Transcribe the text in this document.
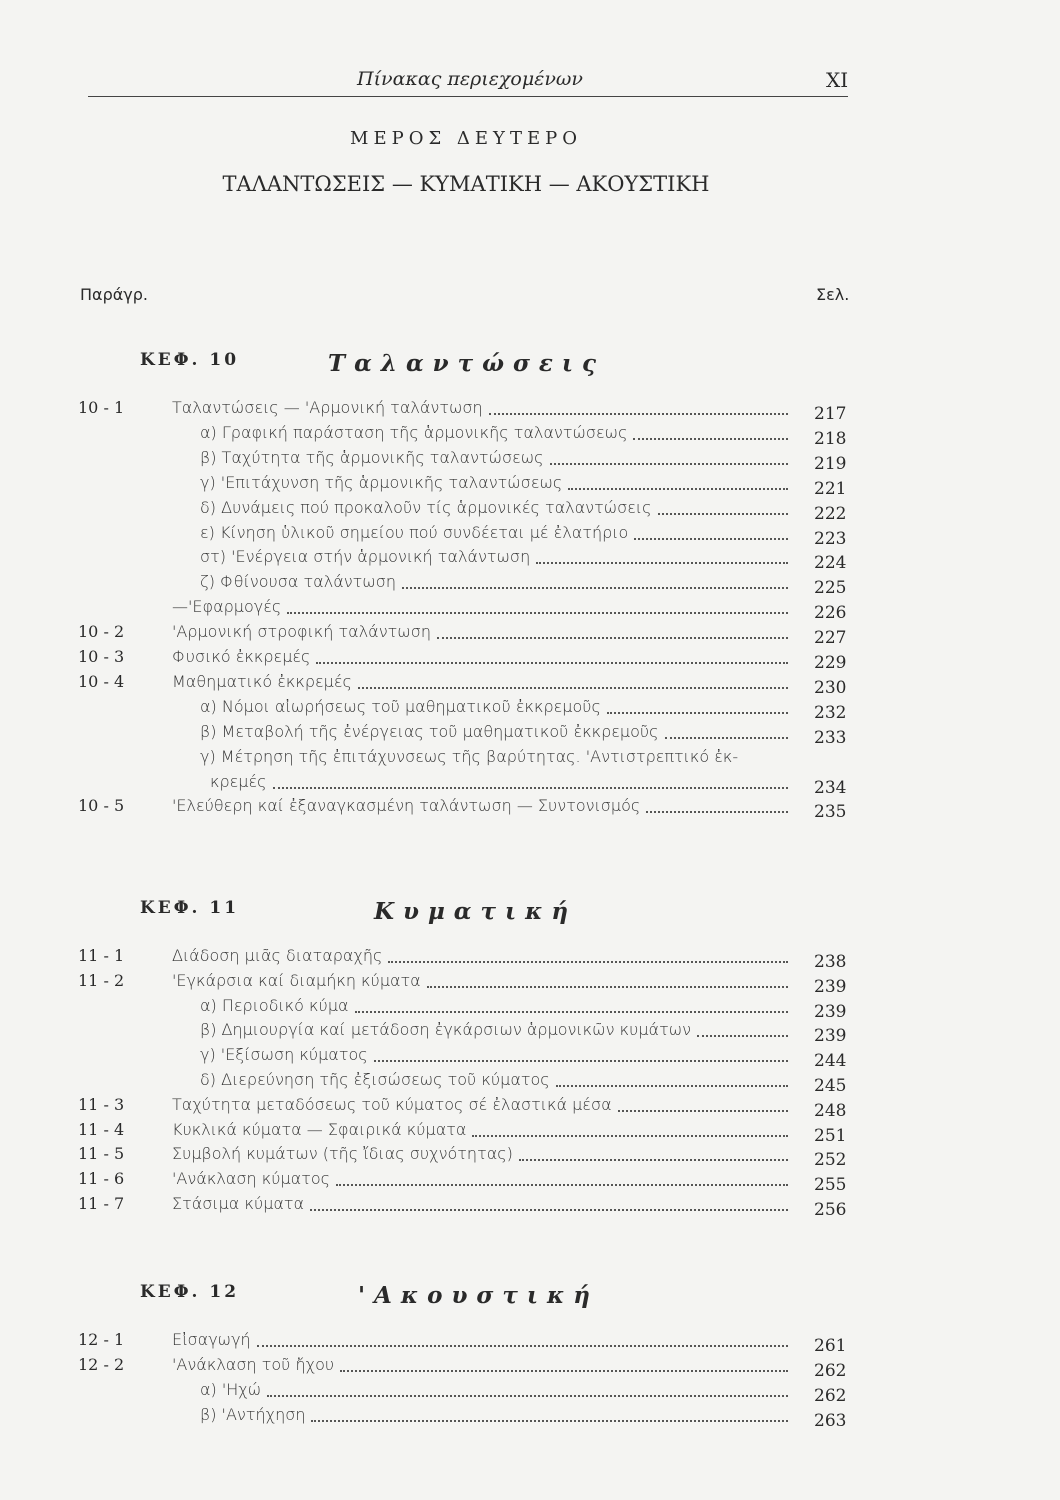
Πίνακας περιεχομένων	XI
ΜΕΡΟΣ ΔΕΥΤΕΡΟ
ΤΑΛΑΝΤΩΣΕΙΣ — ΚΥΜΑΤΙΚΗ — ΑΚΟΥΣΤΙΚΗ
Παράγρ.	Σελ.
ΚΕΦ. 10	Ταλαντώσεις
10 - 1	Ταλαντώσεις — 'Αρμονική ταλάντωση	217
α) Γραφική παράσταση τῆς ἁρμονικῆς ταλαντώσεως	218
β) Ταχύτητα τῆς ἁρμονικῆς ταλαντώσεως	219
γ) 'Επιτάχυνση τῆς ἁρμονικῆς ταλαντώσεως	221
δ) Δυνάμεις πού προκαλοῦν τίς ἁρμονικές ταλαντώσεις	222
ε) Κίνηση ὑλικοῦ σημείου πού συνδέεται μέ ἐλατήριο	223
στ) 'Ενέργεια στήν ἁρμονική ταλάντωση	224
ζ) Φθίνουσα ταλάντωση	225
—'Εφαρμογές	226
10 - 2	'Αρμονική στροφική ταλάντωση	227
10 - 3	Φυσικό ἐκκρεμές	229
10 - 4	Μαθηματικό ἐκκρεμές	230
α) Νόμοι αἰωρήσεως τοῦ μαθηματικοῦ ἐκκρεμοῦς	232
β) Μεταβολή τῆς ἐνέργειας τοῦ μαθηματικοῦ ἐκκρεμοῦς	233
γ) Μέτρηση τῆς ἐπιτάχυνσεως τῆς βαρύτητας. 'Αντιστρεπτικό ἐκ-
κρεμές	234
10 - 5	'Ελεύθερη καί ἐξαναγκασμένη ταλάντωση — Συντονισμός	235
ΚΕΦ. 11	Κυματική
11 - 1	Διάδοση μιᾶς διαταραχῆς	238
11 - 2	'Εγκάρσια καί διαμήκη κύματα	239
α) Περιοδικό κύμα	239
β) Δημιουργία καί μετάδοση ἐγκάρσιων ἁρμονικῶν κυμάτων	239
γ) 'Εξίσωση κύματος	244
δ) Διερεύνηση τῆς ἐξισώσεως τοῦ κύματος	245
11 - 3	Ταχύτητα μεταδόσεως τοῦ κύματος σέ ἐλαστικά μέσα	248
11 - 4	Κυκλικά κύματα — Σφαιρικά κύματα	251
11 - 5	Συμβολή κυμάτων (τῆς ἴδιας συχνότητας)	252
11 - 6	'Ανάκλαση κύματος	255
11 - 7	Στάσιμα κύματα	256
ΚΕΦ. 12	'Ακουστική
12 - 1	Εἰσαγωγή	261
12 - 2	'Ανάκλαση τοῦ ἤχου	262
α) 'Ηχώ	262
β) 'Αντήχηση	263
